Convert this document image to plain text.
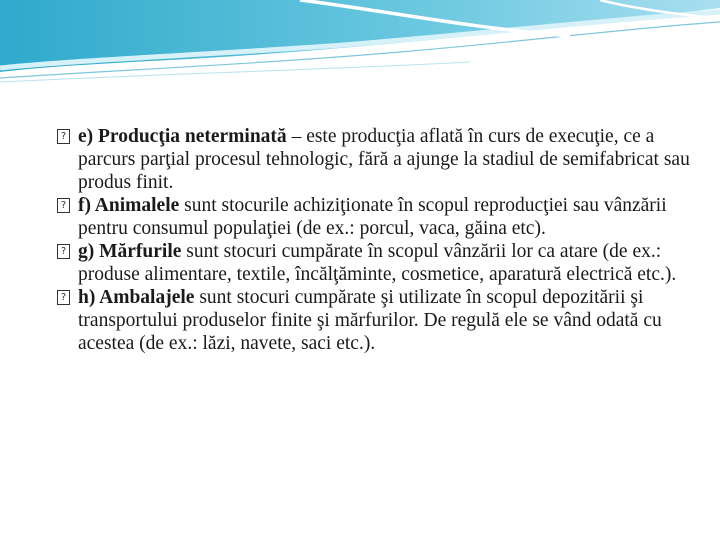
? e) Producţia neterminată – este producţia aflată în curs de execuţie, ce a parcurs parţial procesul tehnologic, fără a ajunge la stadiul de semifabricat sau produs finit.

? f) Animalele sunt stocurile achiziţionate în scopul reproducţiei sau vânzării pentru consumul populaţiei (de ex.: porcul, vaca, găina etc).

? g) Mărfurile sunt stocuri cumpărate în scopul vânzării lor ca atare (de ex.: produse alimentare, textile, încălţăminte, cosmetice, aparatură electrică etc.).

? h) Ambalajele sunt stocuri cumpărate şi utilizate în scopul depozitării şi transportului produselor finite şi mărfurilor. De regulă ele se vând odată cu acestea (de ex.: lăzi, navete, saci etc.).
